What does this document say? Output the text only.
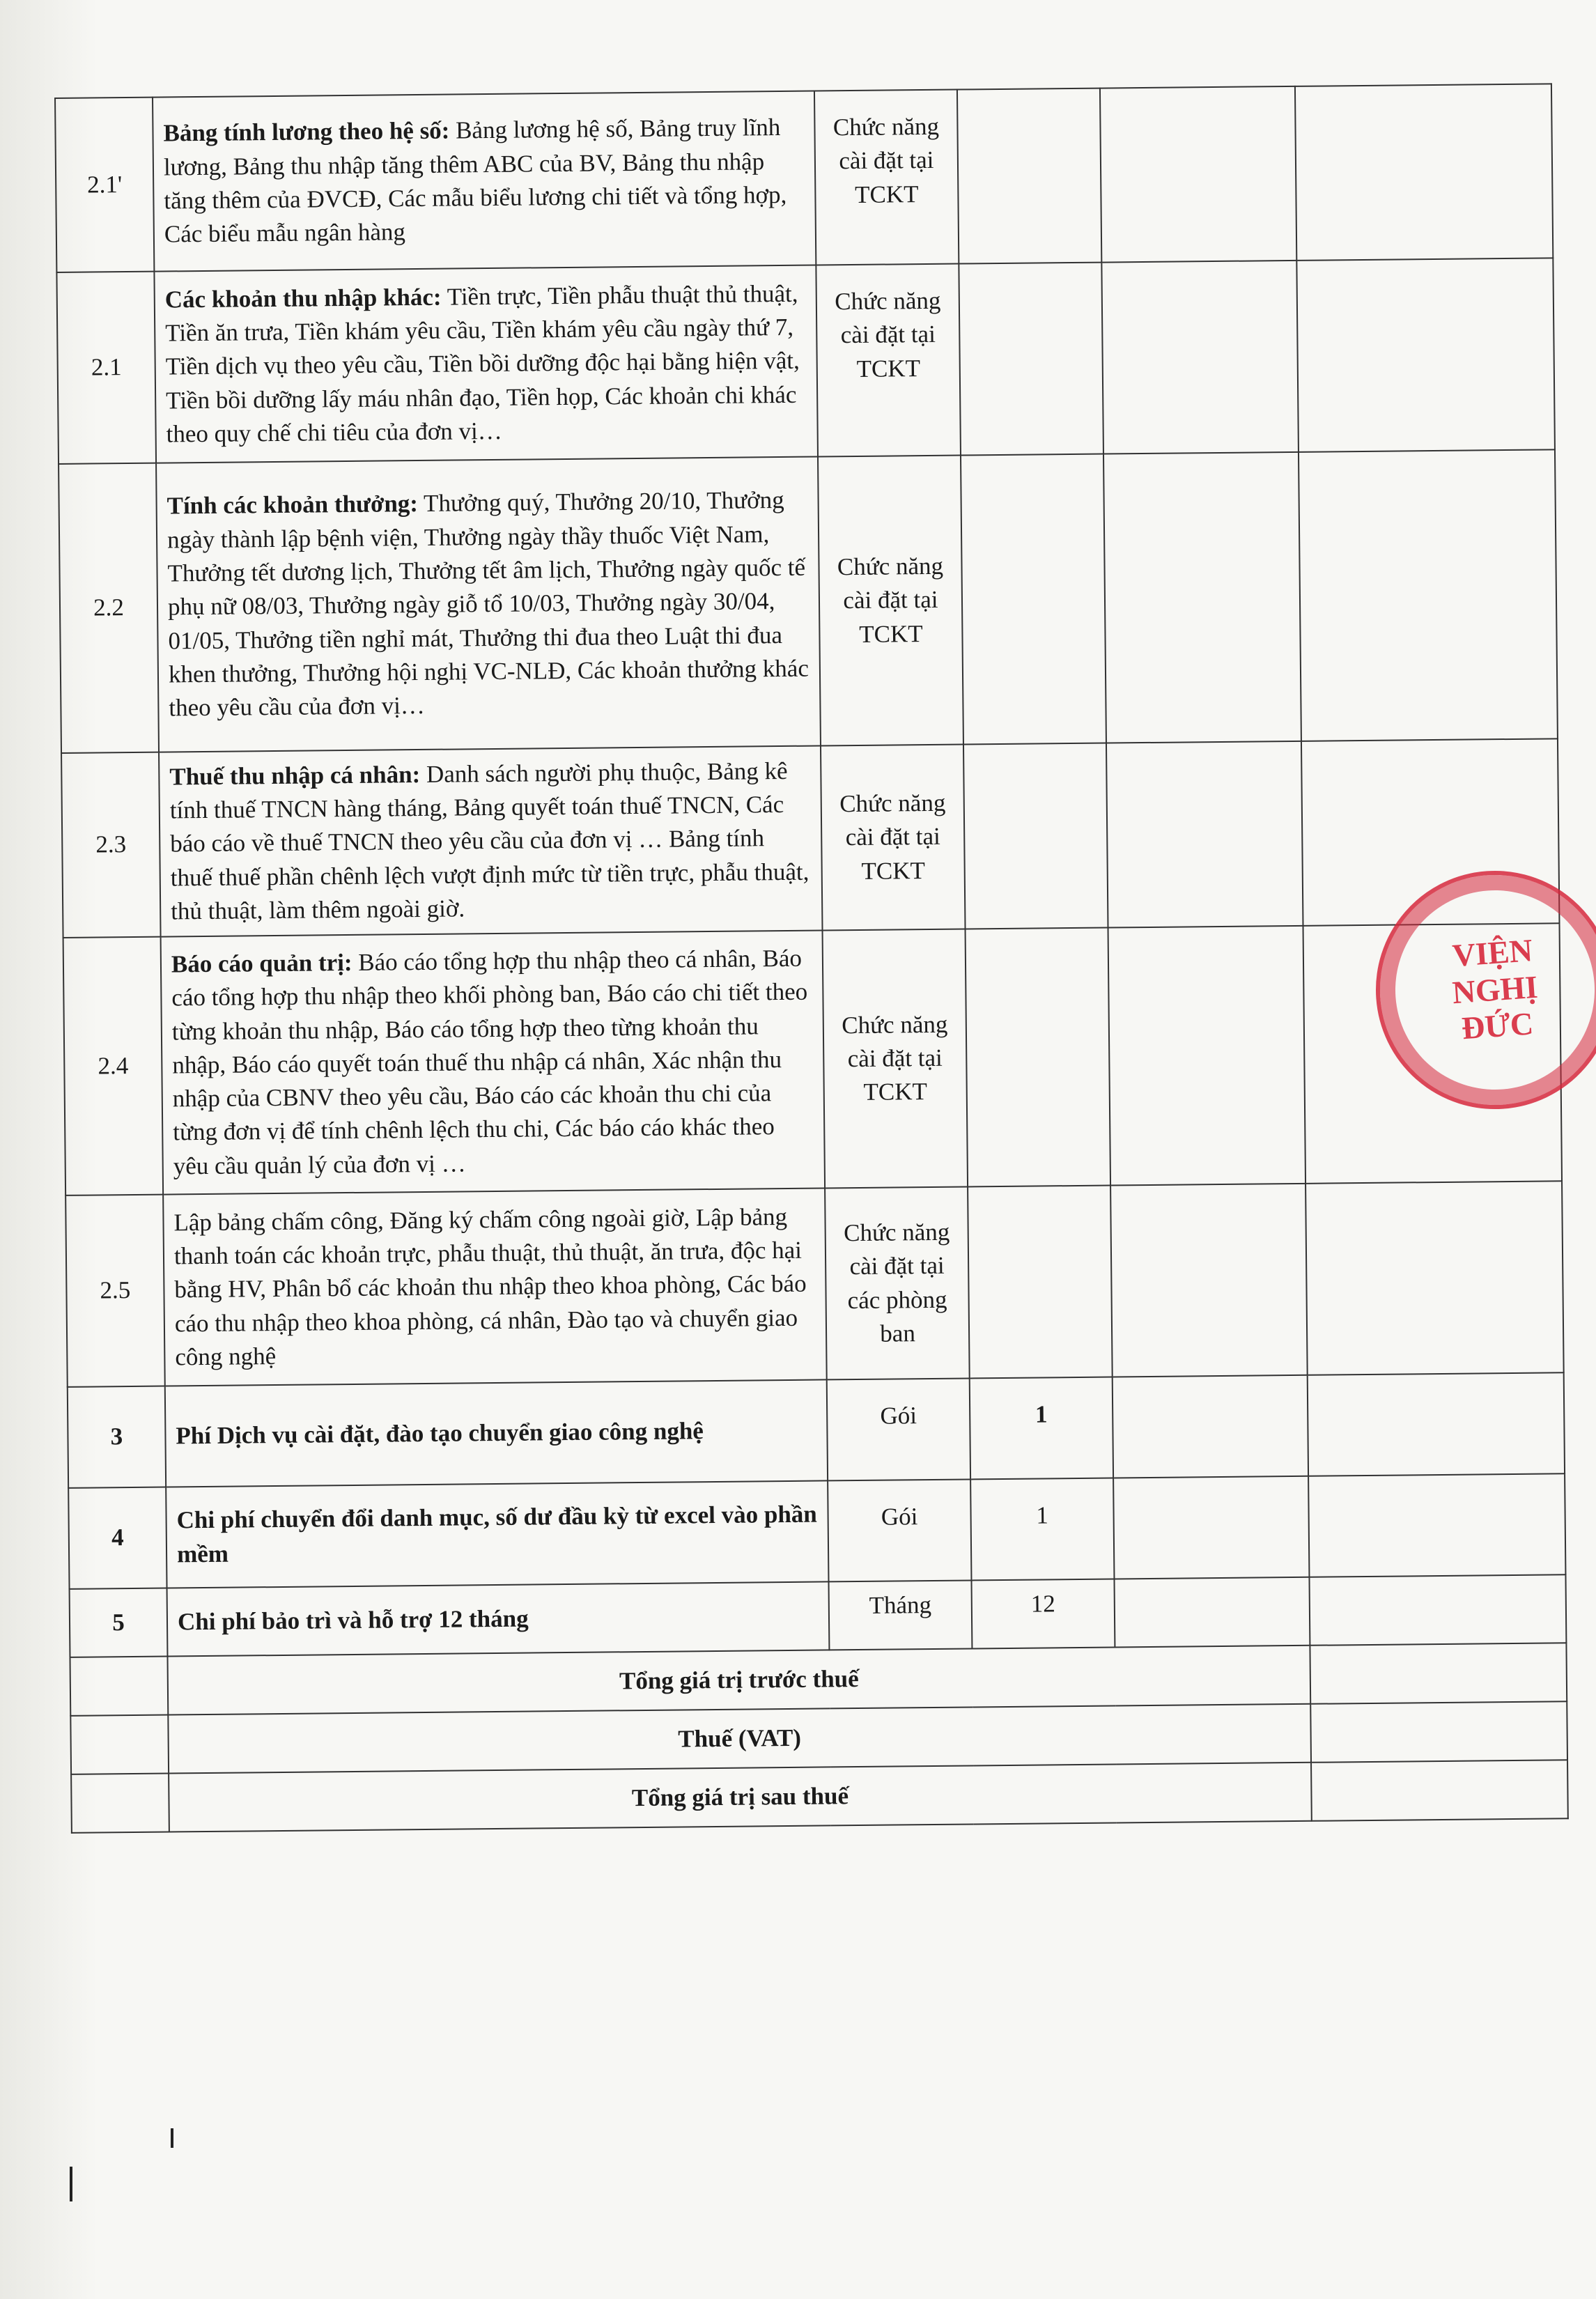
2.1'	Bảng tính lương theo hệ số: Bảng lương hệ số, Bảng truy lĩnh lương, Bảng thu nhập tăng thêm ABC của BV, Bảng thu nhập tăng thêm của ĐVCĐ, Các mẫu biểu lương chi tiết và tổng hợp, Các biểu mẫu ngân hàng	Chức năng cài đặt tại TCKT			
2.1	Các khoản thu nhập khác: Tiền trực, Tiền phẫu thuật thủ thuật, Tiền ăn trưa, Tiền khám yêu cầu, Tiền khám yêu cầu ngày thứ 7, Tiền dịch vụ theo yêu cầu, Tiền bồi dưỡng độc hại bằng hiện vật, Tiền bồi dưỡng lấy máu nhân đạo, Tiền họp, Các khoản chi khác theo quy chế chi tiêu của đơn vị…	Chức năng cài đặt tại TCKT			
2.2	Tính các khoản thưởng: Thưởng quý, Thưởng 20/10, Thưởng ngày thành lập bệnh viện, Thưởng ngày thầy thuốc Việt Nam, Thưởng tết dương lịch, Thưởng tết âm lịch, Thưởng ngày quốc tế phụ nữ 08/03, Thưởng ngày giỗ tổ 10/03, Thưởng ngày 30/04, 01/05, Thưởng tiền nghỉ mát, Thưởng thi đua theo Luật thi đua khen thưởng, Thưởng hội nghị VC-NLĐ, Các khoản thưởng khác theo yêu cầu của đơn vị…	Chức năng cài đặt tại TCKT			
2.3	Thuế thu nhập cá nhân: Danh sách người phụ thuộc, Bảng kê tính thuế TNCN hàng tháng, Bảng quyết toán thuế TNCN, Các báo cáo về thuế TNCN theo yêu cầu của đơn vị … Bảng tính thuế thuế phần chênh lệch vượt định mức từ tiền trực, phẫu thuật, thủ thuật, làm thêm ngoài giờ.	Chức năng cài đặt tại TCKT			
2.4	Báo cáo quản trị: Báo cáo tổng hợp thu nhập theo cá nhân, Báo cáo tổng hợp thu nhập theo khối phòng ban, Báo cáo chi tiết theo từng khoản thu nhập, Báo cáo tổng hợp theo từng khoản thu nhập, Báo cáo quyết toán thuế thu nhập cá nhân, Xác nhận thu nhập của CBNV theo yêu cầu, Báo cáo các khoản thu chi của từng đơn vị để tính chênh lệch thu chi, Các báo cáo khác theo yêu cầu quản lý của đơn vị …	Chức năng cài đặt tại TCKT			
2.5	Lập bảng chấm công, Đăng ký chấm công ngoài giờ, Lập bảng thanh toán các khoản trực, phẫu thuật, thủ thuật, ăn trưa, độc hại bằng HV, Phân bổ các khoản thu nhập theo khoa phòng, Các báo cáo thu nhập theo khoa phòng, cá nhân, Đào tạo và chuyển giao công nghệ	Chức năng cài đặt tại các phòng ban			
3	Phí Dịch vụ cài đặt, đào tạo chuyển giao công nghệ	Gói	1		
4	Chi phí chuyển đổi danh mục, số dư đầu kỳ từ excel vào phần mềm	Gói	1		
5	Chi phí bảo trì và hỗ trợ 12 tháng	Tháng	12		
	Tổng giá trị trước thuế				
	Thuế (VAT)				
	Tổng giá trị sau thuế				
VIỆN
NGHỊ
ĐỨC
